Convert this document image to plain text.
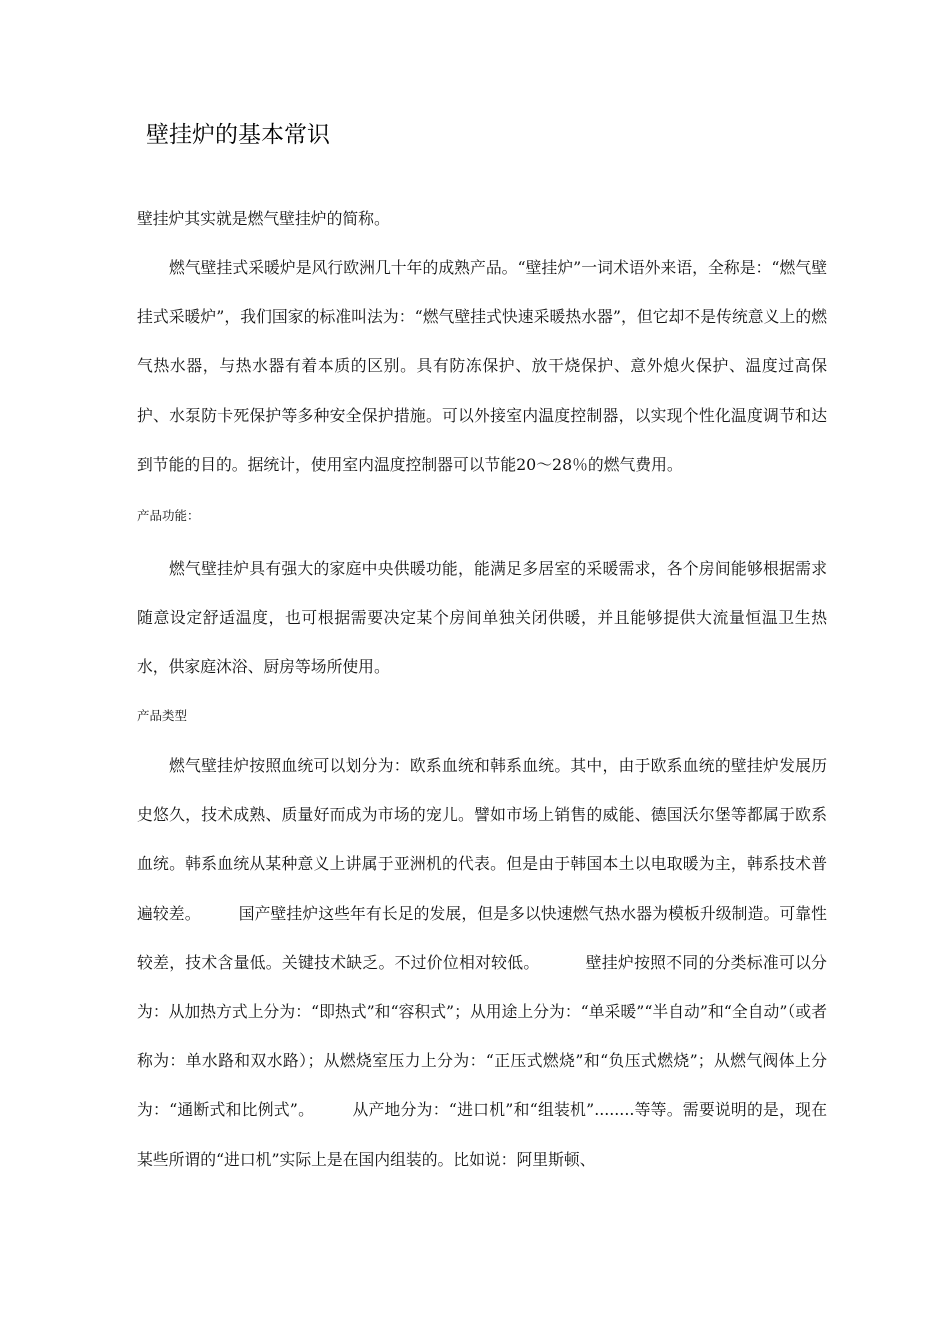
壁挂炉的基本常识

壁挂炉其实就是燃气壁挂炉的简称。

燃气壁挂式采暖炉是风行欧洲几十年的成熟产品。“壁挂炉”一词术语外来语，全称是：“燃气壁挂式采暖炉”，我们国家的标准叫法为：“燃气壁挂式快速采暖热水器”，但它却不是传统意义上的燃气热水器，与热水器有着本质的区别。具有防冻保护、放干烧保护、意外熄火保护、温度过高保护、水泵防卡死保护等多种安全保护措施。可以外接室内温度控制器，以实现个性化温度调节和达到节能的目的。据统计，使用室内温度控制器可以节能20～28％的燃气费用。

产品功能：

燃气壁挂炉具有强大的家庭中央供暖功能，能满足多居室的采暖需求，各个房间能够根据需求随意设定舒适温度，也可根据需要决定某个房间单独关闭供暖，并且能够提供大流量恒温卫生热水，供家庭沐浴、厨房等场所使用。

产品类型

燃气壁挂炉按照血统可以划分为：欧系血统和韩系血统。其中，由于欧系血统的壁挂炉发展历史悠久，技术成熟、质量好而成为市场的宠儿。譬如市场上销售的威能、德国沃尔堡等都属于欧系血统。韩系血统从某种意义上讲属于亚洲机的代表。但是由于韩国本土以电取暖为主，韩系技术普遍较差。 国产壁挂炉这些年有长足的发展，但是多以快速燃气热水器为模板升级制造。可靠性较差，技术含量低。关键技术缺乏。不过价位相对较低。	壁挂炉按照不同的分类标准可以分为：从加热方式上分为：“即热式”和“容积式”；从用途上分为：“单采暖”“半自动”和“全自动”（或者称为：单水路和双水路）；从燃烧室压力上分为：“正压式燃烧”和“负压式燃烧”；从燃气阀体上分为：“通断式和比例式”。 从产地分为：“进口机”和“组装机”........等等。需要说明的是，现在某些所谓的“进口机”实际上是在国内组装的。比如说：阿里斯顿、
